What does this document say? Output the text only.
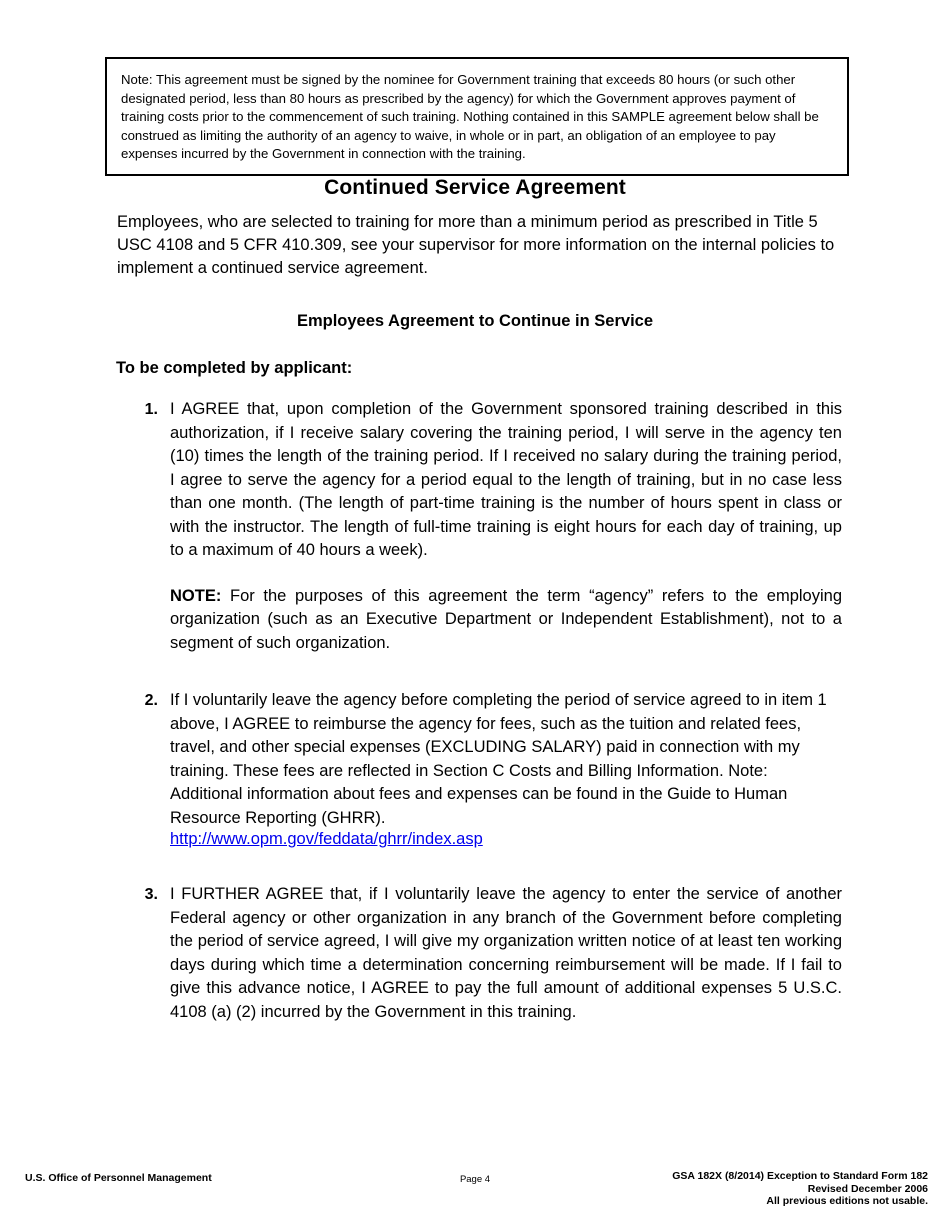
Note: This agreement must be signed by the nominee for Government training that exceeds 80 hours (or such other designated period, less than 80 hours as prescribed by the agency) for which the Government approves payment of training costs prior to the commencement of such training. Nothing contained in this SAMPLE agreement below shall be construed as limiting the authority of an agency to waive, in whole or in part, an obligation of an employee to pay expenses incurred by the Government in connection with the training.

Continued Service Agreement
Employees, who are selected to training for more than a minimum period as prescribed in Title 5 USC 4108 and 5 CFR 410.309, see your supervisor for more information on the internal policies to implement a continued service agreement.
Employees Agreement to Continue in Service
To be completed by applicant:
1. I AGREE that, upon completion of the Government sponsored training described in this authorization, if I receive salary covering the training period, I will serve in the agency ten (10) times the length of the training period. If I received no salary during the training period, I agree to serve the agency for a period equal to the length of training, but in no case less than one month. (The length of part-time training is the number of hours spent in class or with the instructor. The length of full-time training is eight hours for each day of training, up to a maximum of 40 hours a week).
NOTE: For the purposes of this agreement the term “agency” refers to the employing organization (such as an Executive Department or Independent Establishment), not to a segment of such organization.
2. If I voluntarily leave the agency before completing the period of service agreed to in item 1 above, I AGREE to reimburse the agency for fees, such as the tuition and related fees, travel, and other special expenses (EXCLUDING SALARY) paid in connection with my training. These fees are reflected in Section C Costs and Billing Information. Note: Additional information about fees and expenses can be found in the Guide to Human Resource Reporting (GHRR).
http://www.opm.gov/feddata/ghrr/index.asp
3. I FURTHER AGREE that, if I voluntarily leave the agency to enter the service of another Federal agency or other organization in any branch of the Government before completing the period of service agreed, I will give my organization written notice of at least ten working days during which time a determination concerning reimbursement will be made. If I fail to give this advance notice, I AGREE to pay the full amount of additional expenses 5 U.S.C. 4108 (a) (2) incurred by the Government in this training.
U.S. Office of Personnel Management	Page 4	GSA 182X (8/2014) Exception to Standard Form 182
Revised December 2006
All previous editions not usable.
